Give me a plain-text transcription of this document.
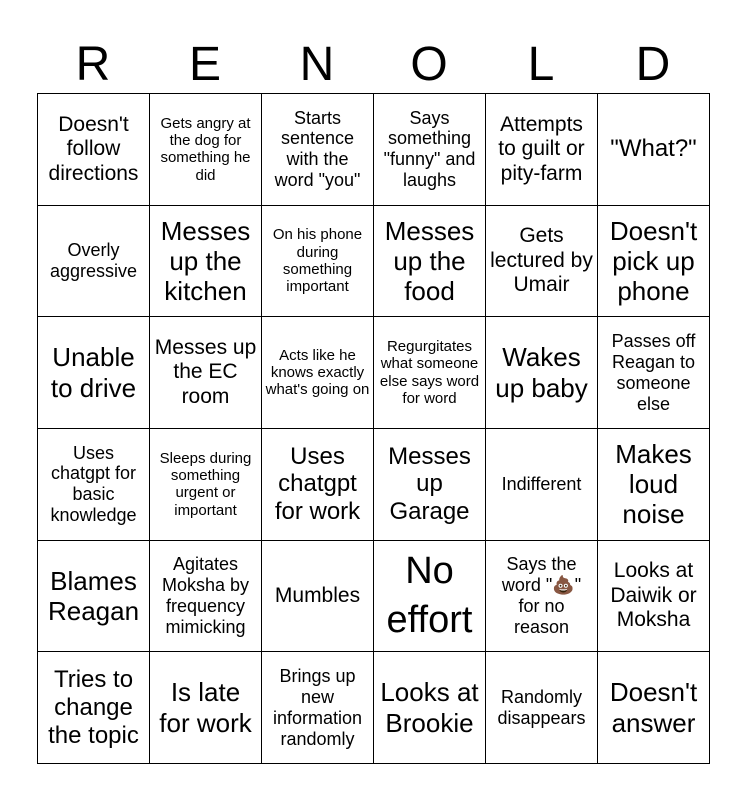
R	E	N	O	L	D
Doesn't follow directions	Gets angry at the dog for something he did	Starts sentence with the word "you"	Says something "funny" and laughs	Attempts to guilt or pity-farm	"What?"
Overly aggressive	Messes up the kitchen	On his phone during something important	Messes up the food	Gets lectured by Umair	Doesn't pick up phone
Unable to drive	Messes up the EC room	Acts like he knows exactly what's going on	Regurgitates what someone else says word for word	Wakes up baby	Passes off Reagan to someone else
Uses chatgpt for basic knowledge	Sleeps during something urgent or important	Uses chatgpt for work	Messes up Garage	Indifferent	Makes loud noise
Blames Reagan	Agitates Moksha by frequency mimicking	Mumbles	No effort	Says the word "💩" for no reason	Looks at Daiwik or Moksha
Tries to change the topic	Is late for work	Brings up new information randomly	Looks at Brookie	Randomly disappears	Doesn't answer
